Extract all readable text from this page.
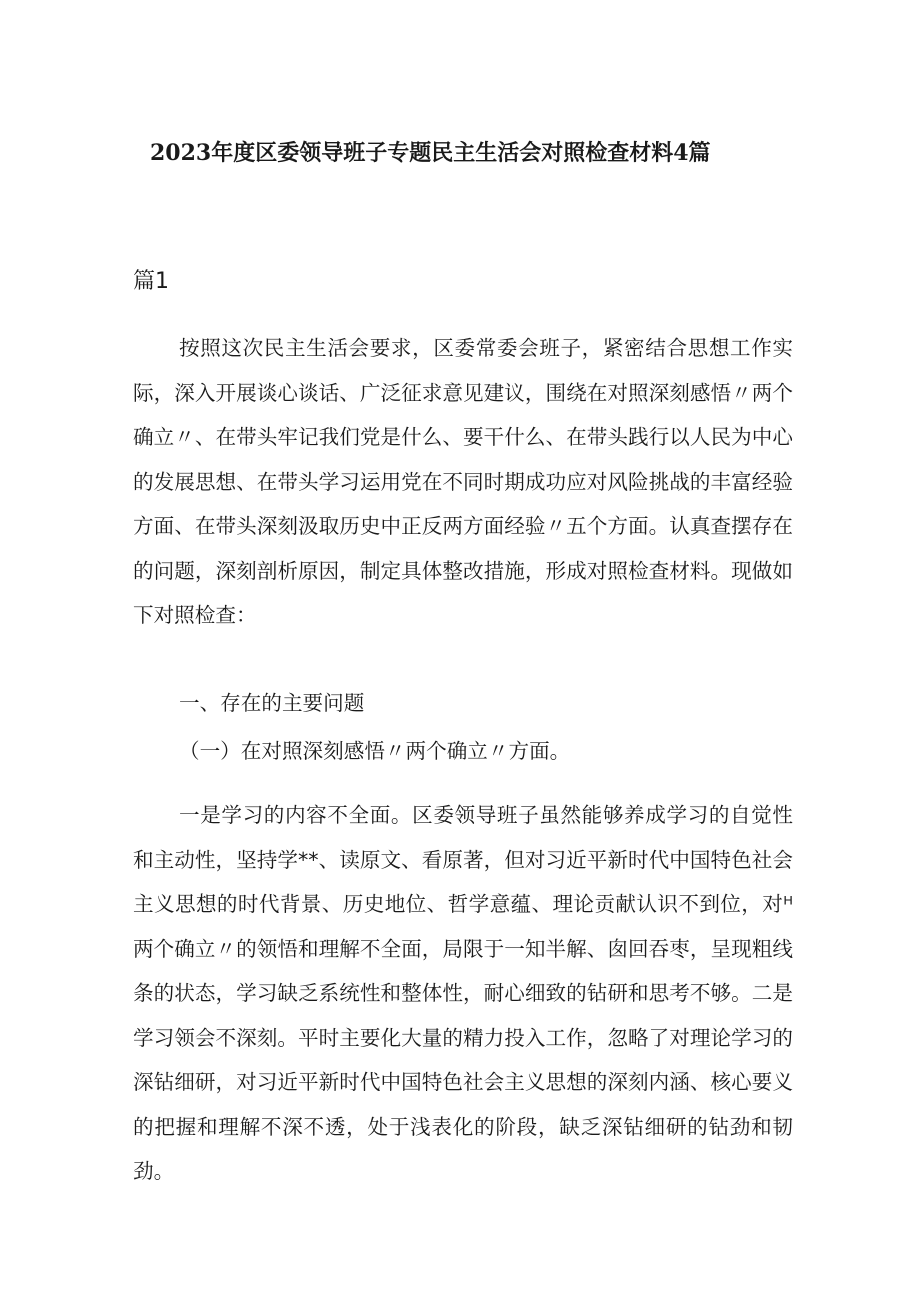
2023年度区委领导班子专题民主生活会对照检查材料4篇
篇1

按照这次民主生活会要求，区委常委会班子，紧密结合思想工作实际，深入开展谈心谈话、广泛征求意见建议，围绕在对照深刻感悟〃两个确立〃、在带头牢记我们党是什么、要干什么、在带头践行以人民为中心的发展思想、在带头学习运用党在不同时期成功应对风险挑战的丰富经验方面、在带头深刻汲取历史中正反两方面经验〃五个方面。认真查摆存在的问题，深刻剖析原因，制定具体整改措施，形成对照检查材料。现做如下对照检查：

一、存在的主要问题

（一）在对照深刻感悟〃两个确立〃方面。

一是学习的内容不全面。区委领导班子虽然能够养成学习的自觉性和主动性，坚持学**、读原文、看原著，但对习近平新时代中国特色社会主义思想的时代背景、历史地位、哲学意蕴、理论贡献认识不到位，对ᴴ两个确立〃的领悟和理解不全面，局限于一知半解、囱回吞枣，呈现粗线条的状态，学习缺乏系统性和整体性，耐心细致的钻研和思考不够。二是学习领会不深刻。平时主要化大量的精力投入工作，忽略了对理论学习的深钻细研，对习近平新时代中国特色社会主义思想的深刻内涵、核心要义的把握和理解不深不透，处于浅表化的阶段，缺乏深钻细研的钻劲和韧劲。
